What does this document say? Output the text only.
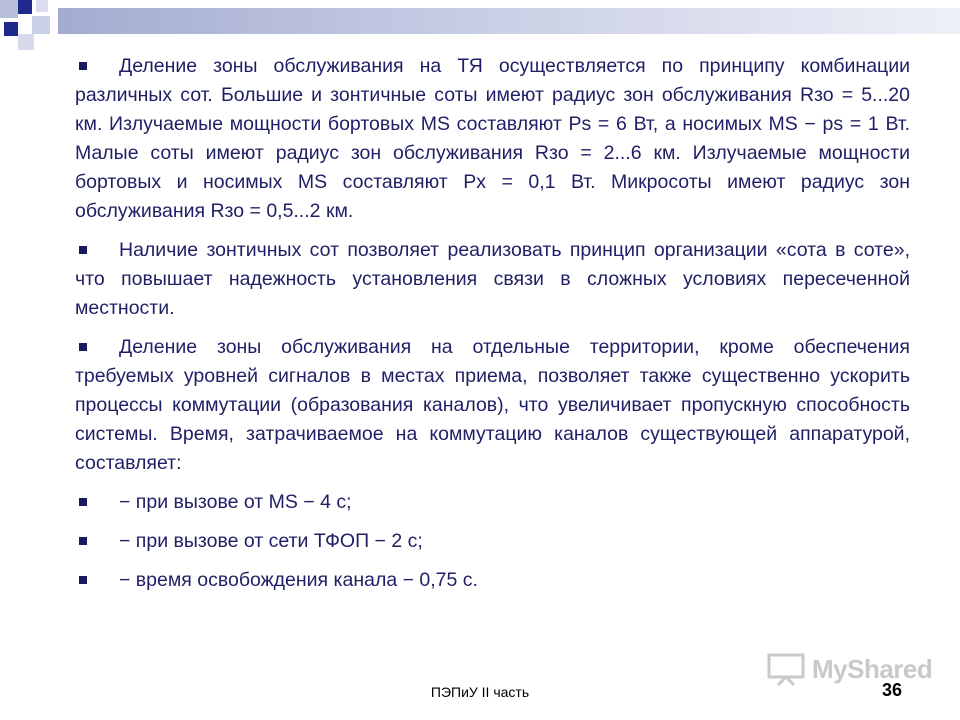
Деление зоны обслуживания на ТЯ осуществляется по принципу комбинации различных сот. Большие и зонтичные соты имеют радиус зон обслуживания Rзо = 5...20 км. Излучаемые мощности бортовых MS составляют Ps = 6 Вт, а носимых MS − ps = 1 Вт. Малые соты имеют радиус зон обслуживания Rзо = 2...6 км. Излучаемые мощности бортовых и носимых MS составляют Px = 0,1 Вт. Микросоты имеют радиус зон обслуживания Rзо = 0,5...2 км.

Наличие зонтичных сот позволяет реализовать принцип организации «сота в соте», что повышает надежность установления связи в сложных условиях пересеченной местности.

Деление зоны обслуживания на отдельные территории, кроме обеспечения требуемых уровней сигналов в местах приема, позволяет также существенно ускорить процессы коммутации (образования каналов), что увеличивает пропускную способность системы. Время, затрачиваемое на коммутацию каналов существующей аппаратурой, составляет:

− при вызове от MS − 4 с;

− при вызове от сети ТФОП − 2 с;

− время освобождения канала − 0,75 с.

MyShared
ПЭПиУ II часть	36
